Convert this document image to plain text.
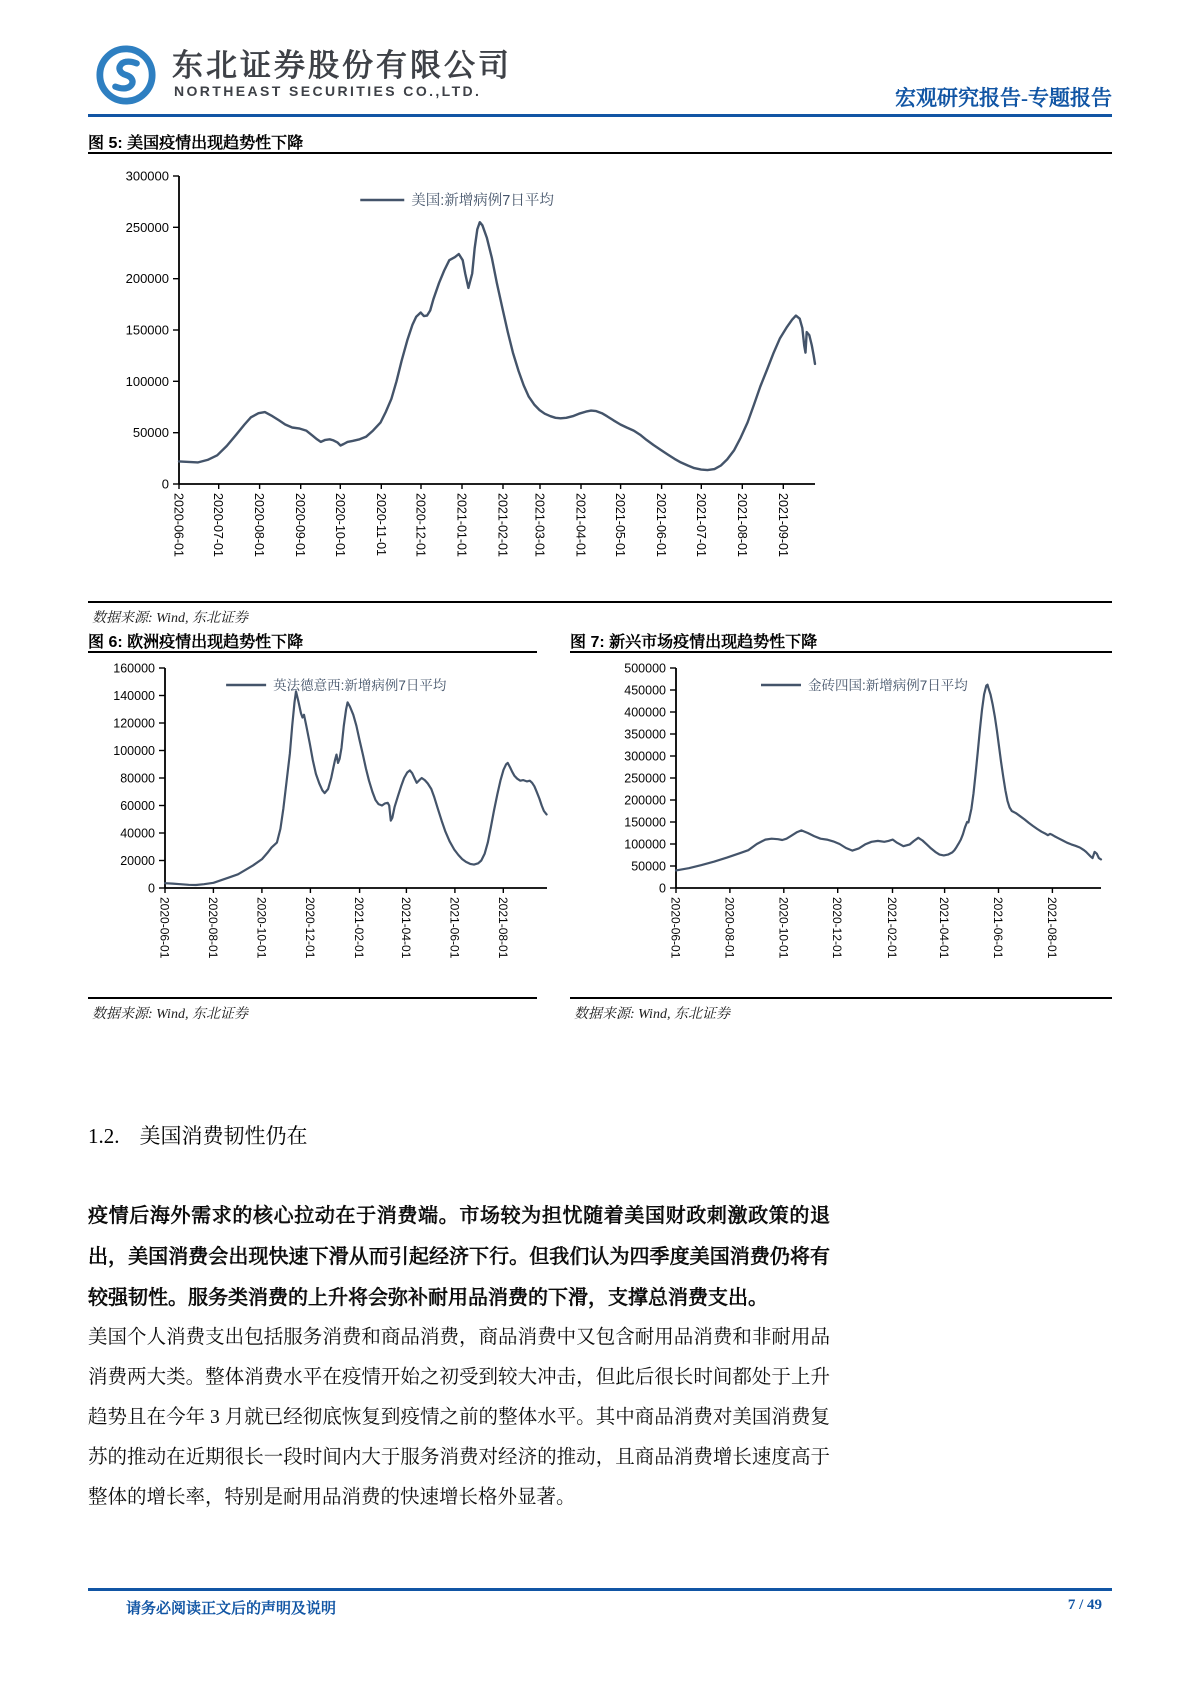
东北证券股份有限公司
NORTHEAST SECURITIES CO.,LTD.	宏观研究报告-专题报告
图 5: 美国疫情出现趋势性下降
0
50000
100000
150000
200000
250000
300000
2020-06-01 2020-07-01 2020-08-01 2020-09-01 2020-10-01 2020-11-01 2020-12-01 2021-01-01 2021-02-01 2021-03-01 2021-04-01 2021-05-01 2021-06-01 2021-07-01 2021-08-01 2021-09-01
美国:新增病例7日平均
数据来源: Wind, 东北证券
图 6: 欧洲疫情出现趋势性下降
0
20000
40000
60000
80000
100000
120000
140000
160000
2020-06-01	2020-08-01	2020-10-01	2020-12-01	2021-02-01	2021-04-01	2021-06-01	2021-08-01
英法德意西:新增病例7日平均
数据来源: Wind, 东北证券
图 7: 新兴市场疫情出现趋势性下降
0
50000
100000
150000
200000
250000
300000
350000
400000
450000
500000
2020-06-01	2020-08-01	2020-10-01	2020-12-01	2021-02-01	2021-04-01	2021-06-01	2021-08-01
金砖四国:新增病例7日平均
数据来源: Wind, 东北证券
1.2. 美国消费韧性仍在

疫情后海外需求的核心拉动在于消费端。市场较为担忧随着美国财政刺激政策的退出，美国消费会出现快速下滑从而引起经济下行。但我们认为四季度美国消费仍将有较强韧性。服务类消费的上升将会弥补耐用品消费的下滑，支撑总消费支出。

美国个人消费支出包括服务消费和商品消费，商品消费中又包含耐用品消费和非耐用品消费两大类。整体消费水平在疫情开始之初受到较大冲击，但此后很长时间都处于上升趋势且在今年 3 月就已经彻底恢复到疫情之前的整体水平。其中商品消费对美国消费复苏的推动在近期很长一段时间内大于服务消费对经济的推动，且商品消费增长速度高于整体的增长率，特别是耐用品消费的快速增长格外显著。

请务必阅读正文后的声明及说明	7 / 49
